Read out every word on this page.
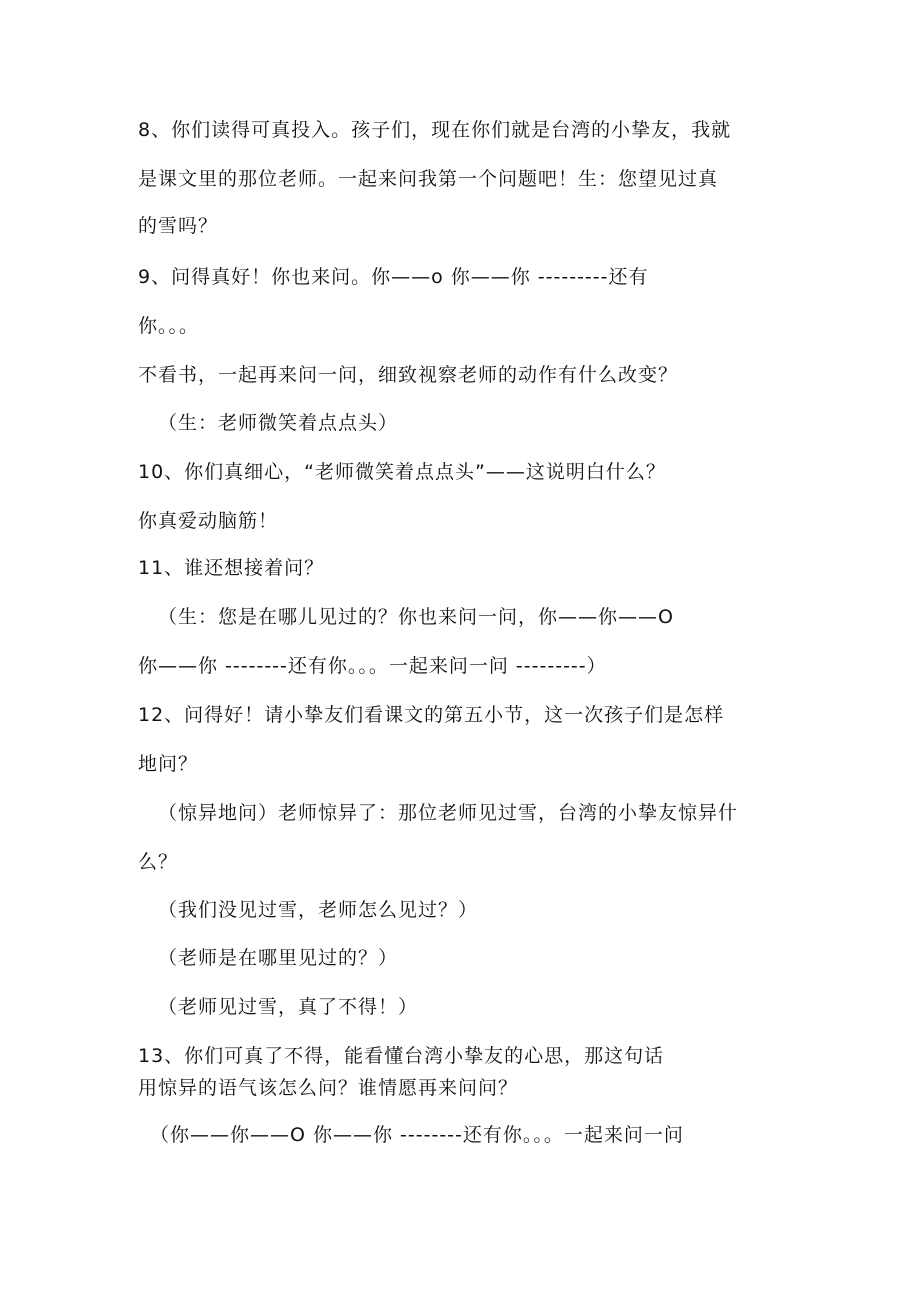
8、你们读得可真投入。孩子们，现在你们就是台湾的小挚友，我就
是课文里的那位老师。一起来问我第一个问题吧！生：您望见过真
的雪吗？
9、问得真好！你也来问。你——o 你——你 ---------还有
你。。。
不看书，一起再来问一问，细致视察老师的动作有什么改变？
（生：老师微笑着点点头）
10、你们真细心，“老师微笑着点点头”——这说明白什么？
你真爱动脑筋！
11、谁还想接着问？
（生：您是在哪儿见过的？你也来问一问，你——你——O
你——你 --------还有你。。。一起来问一问 ---------）
12、问得好！请小挚友们看课文的第五小节，这一次孩子们是怎样
地问？
（惊异地问）老师惊异了：那位老师见过雪，台湾的小挚友惊异什
么？
（我们没见过雪，老师怎么见过？）
（老师是在哪里见过的？）
（老师见过雪，真了不得！）
13、你们可真了不得，能看懂台湾小挚友的心思，那这句话
用惊异的语气该怎么问？谁情愿再来问问？
（你——你——O 你——你 --------还有你。。。一起来问一问
